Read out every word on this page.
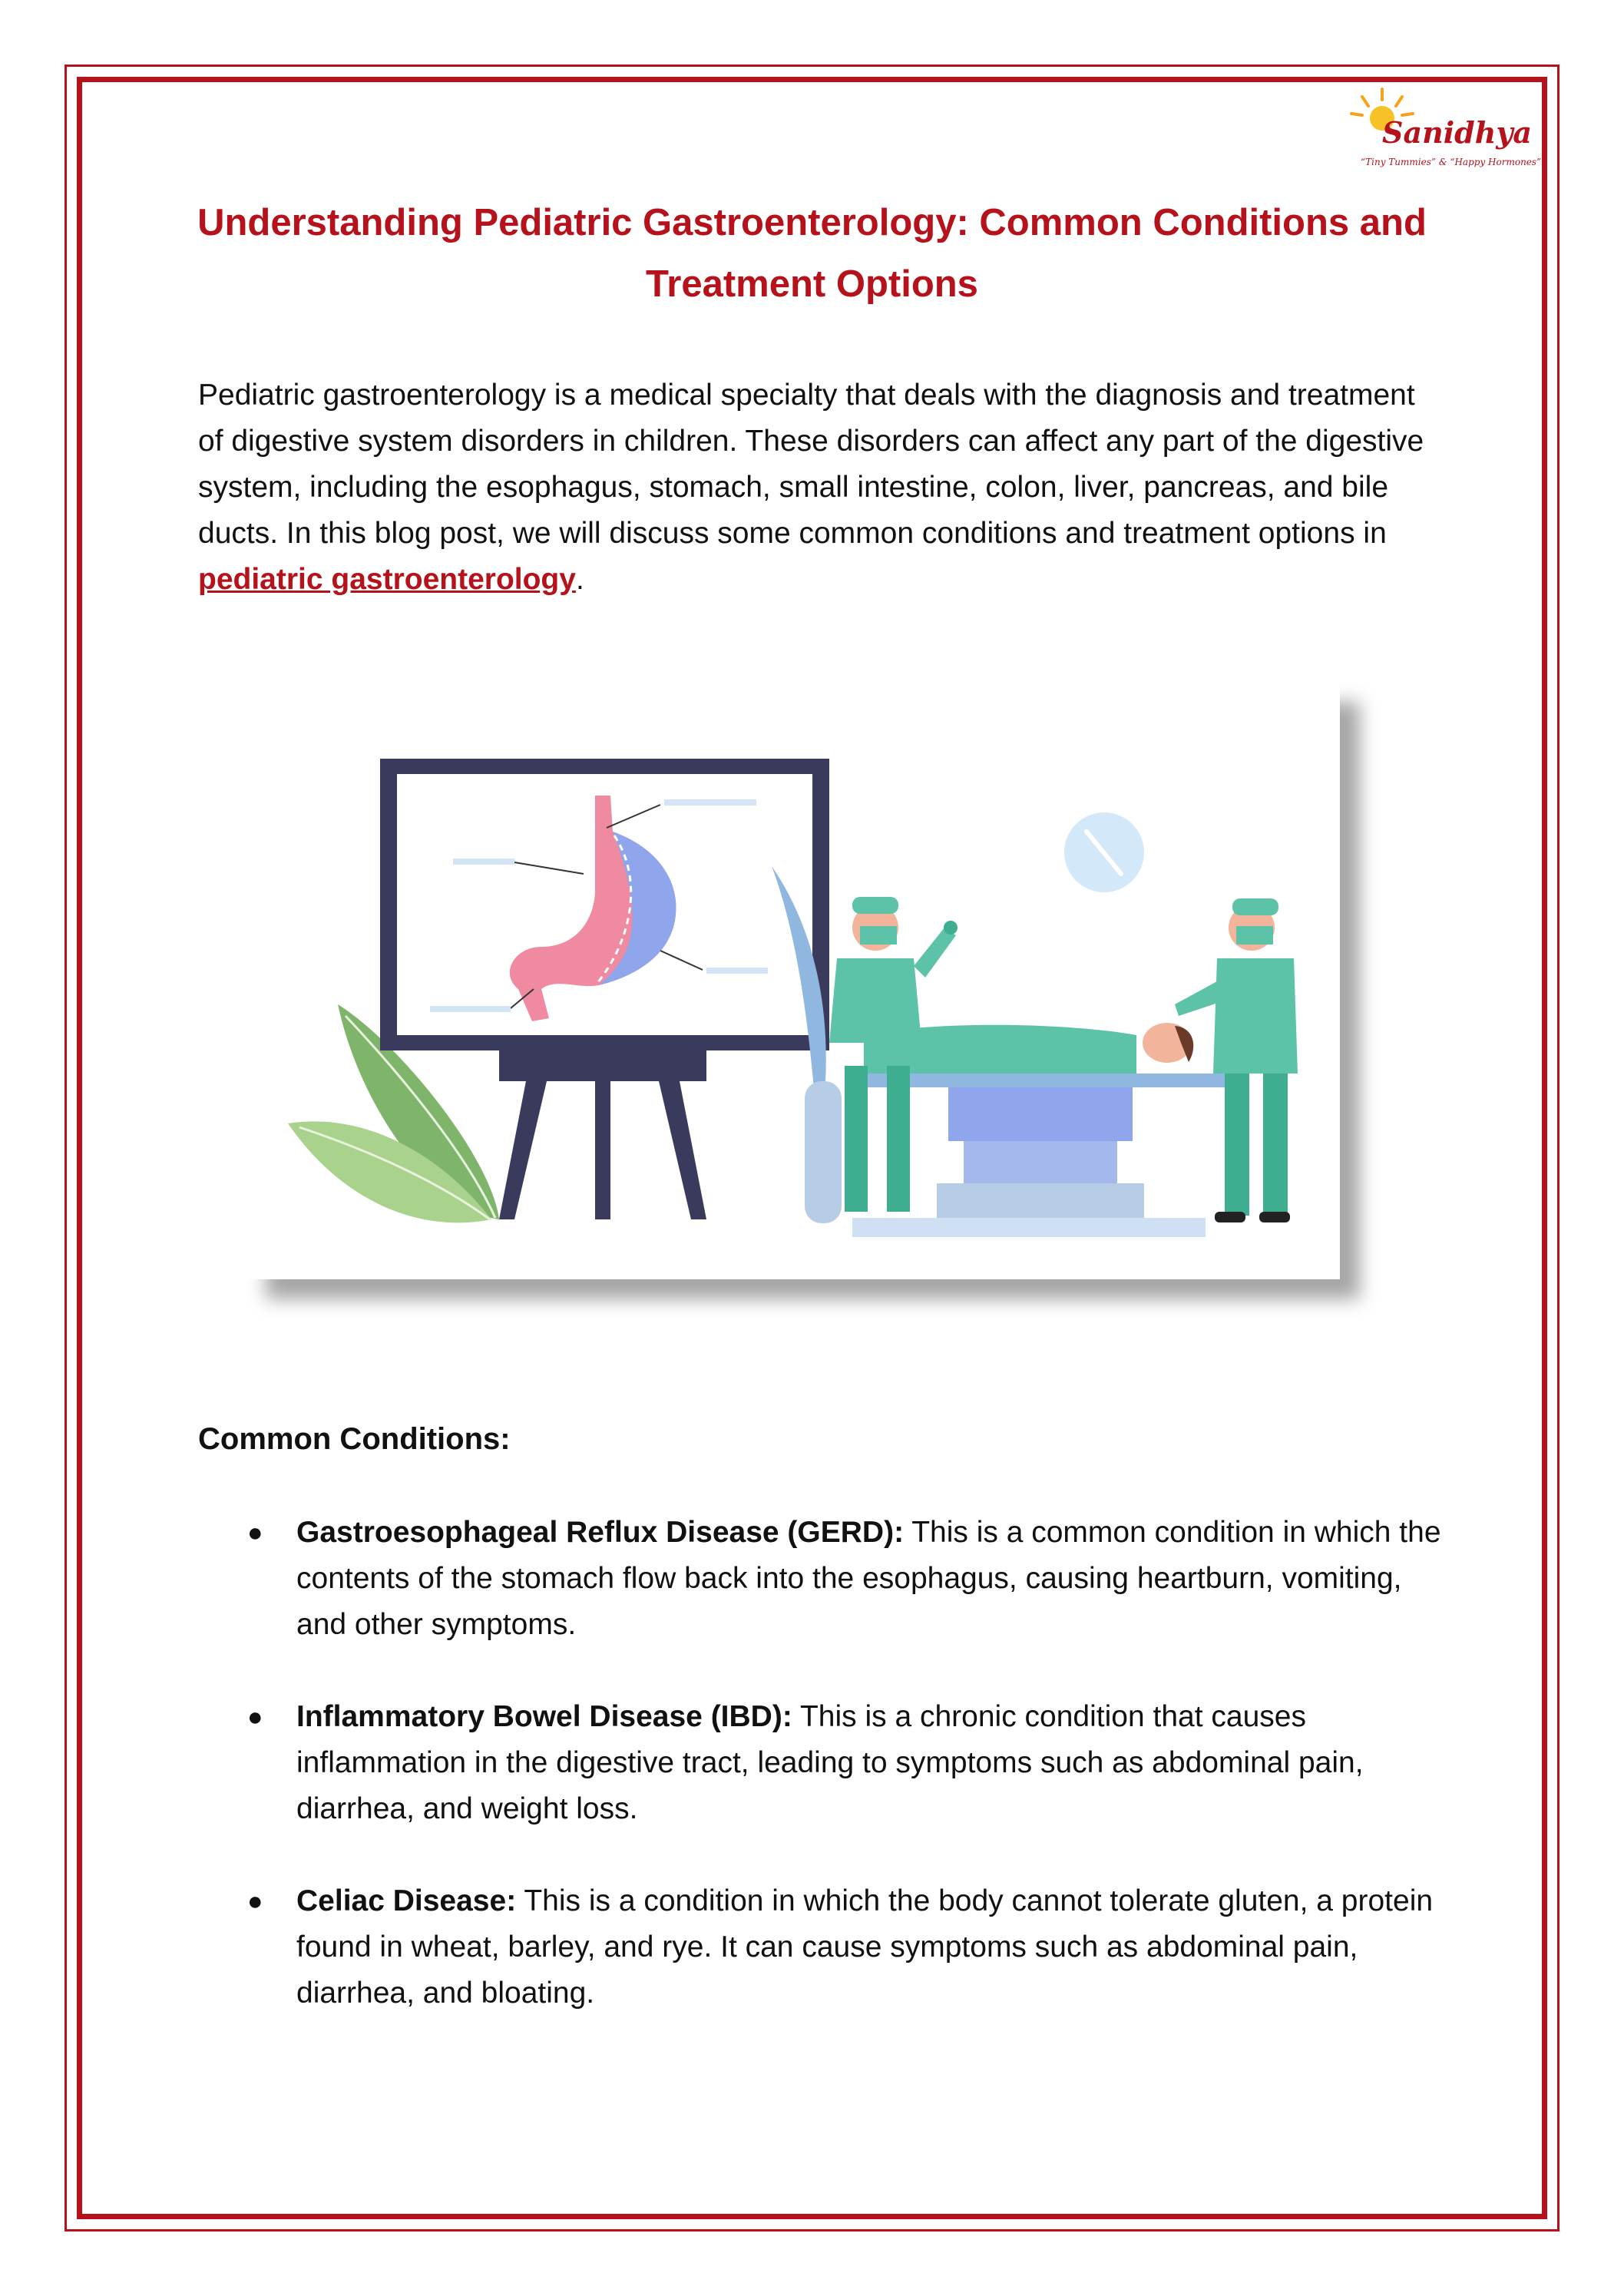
Sanidhya
“Tiny Tummies” & “Happy Hormones”
Understanding Pediatric Gastroenterology: Common Conditions and Treatment Options

Pediatric gastroenterology is a medical specialty that deals with the diagnosis and treatment of digestive system disorders in children. These disorders can affect any part of the digestive system, including the esophagus, stomach, small intestine, colon, liver, pancreas, and bile ducts. In this blog post, we will discuss some common conditions and treatment options in pediatric gastroenterology.

Common Conditions:
● Gastroesophageal Reflux Disease (GERD): This is a common condition in which the contents of the stomach flow back into the esophagus, causing heartburn, vomiting, and other symptoms.
● Inflammatory Bowel Disease (IBD): This is a chronic condition that causes inflammation in the digestive tract, leading to symptoms such as abdominal pain, diarrhea, and weight loss.
● Celiac Disease: This is a condition in which the body cannot tolerate gluten, a protein found in wheat, barley, and rye. It can cause symptoms such as abdominal pain, diarrhea, and bloating.
